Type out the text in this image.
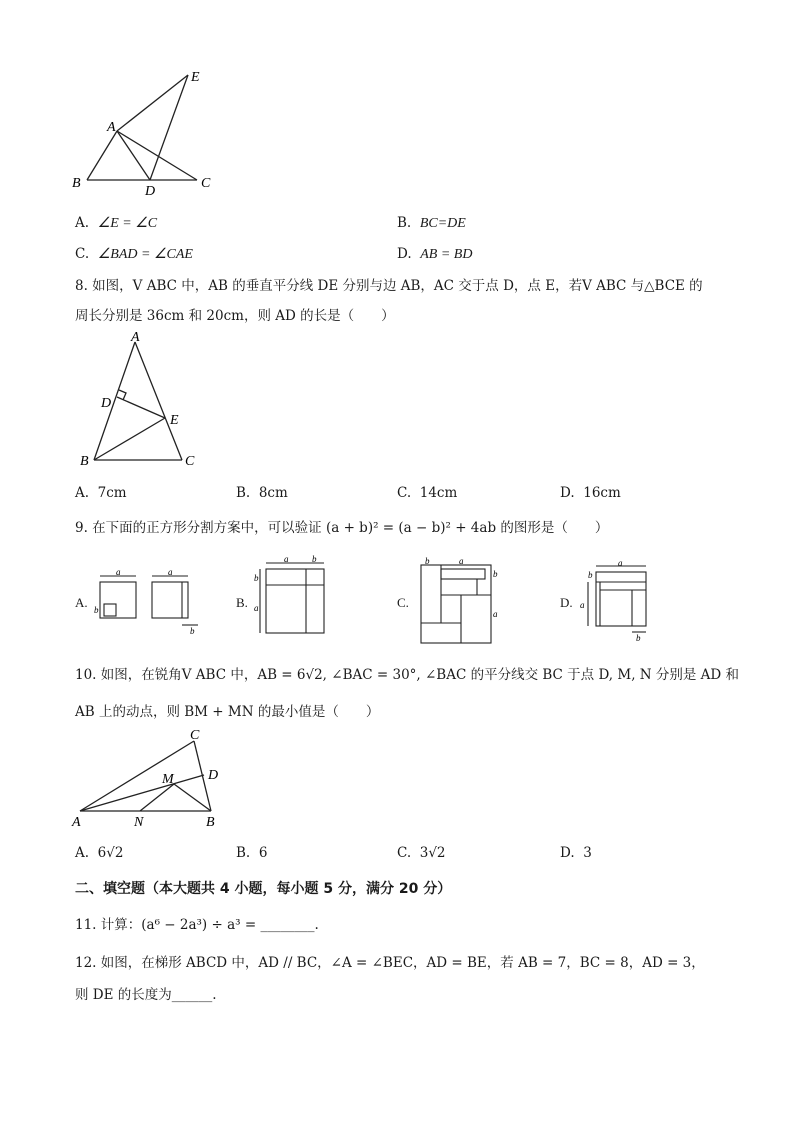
E
A
B
D
C
A. ∠E = ∠C	B. BC=DE
C. ∠BAD = ∠CAE	D. AB = BD
8. 如图，V ABC 中，AB 的垂直平分线 DE 分别与边 AB，AC 交于点 D，点 E，若V ABC 与△BCE 的
周长分别是 36cm 和 20cm，则 AD 的长是（　　）
A
D
E
B	C
A. 7cm	B. 8cm	C. 14cm	D. 16cm
9. 在下面的正方形分割方案中，可以验证 (a + b)² = (a − b)² + 4ab 的图形是（　　）
A.
a
b
a
b
B.
a	b
b
a	C.
b	a
b
a
D.
a
b
a
b
10. 如图，在锐角V ABC 中，AB = 6√2, ∠BAC = 30°, ∠BAC 的平分线交 BC 于点 D, M, N 分别是 AD 和
AB 上的动点，则 BM + MN 的最小值是（　　）
C
D
M
A	N	B
A. 6√2	B. 6	C. 3√2	D. 3
二、填空题（本大题共 4 小题，每小题 5 分，满分 20 分）
11. 计算：(a⁶ − 2a³) ÷ a³ = ________.
12. 如图，在梯形 ABCD 中，AD // BC，∠A = ∠BEC，AD = BE，若 AB = 7，BC = 8，AD = 3，
则 DE 的长度为______.
